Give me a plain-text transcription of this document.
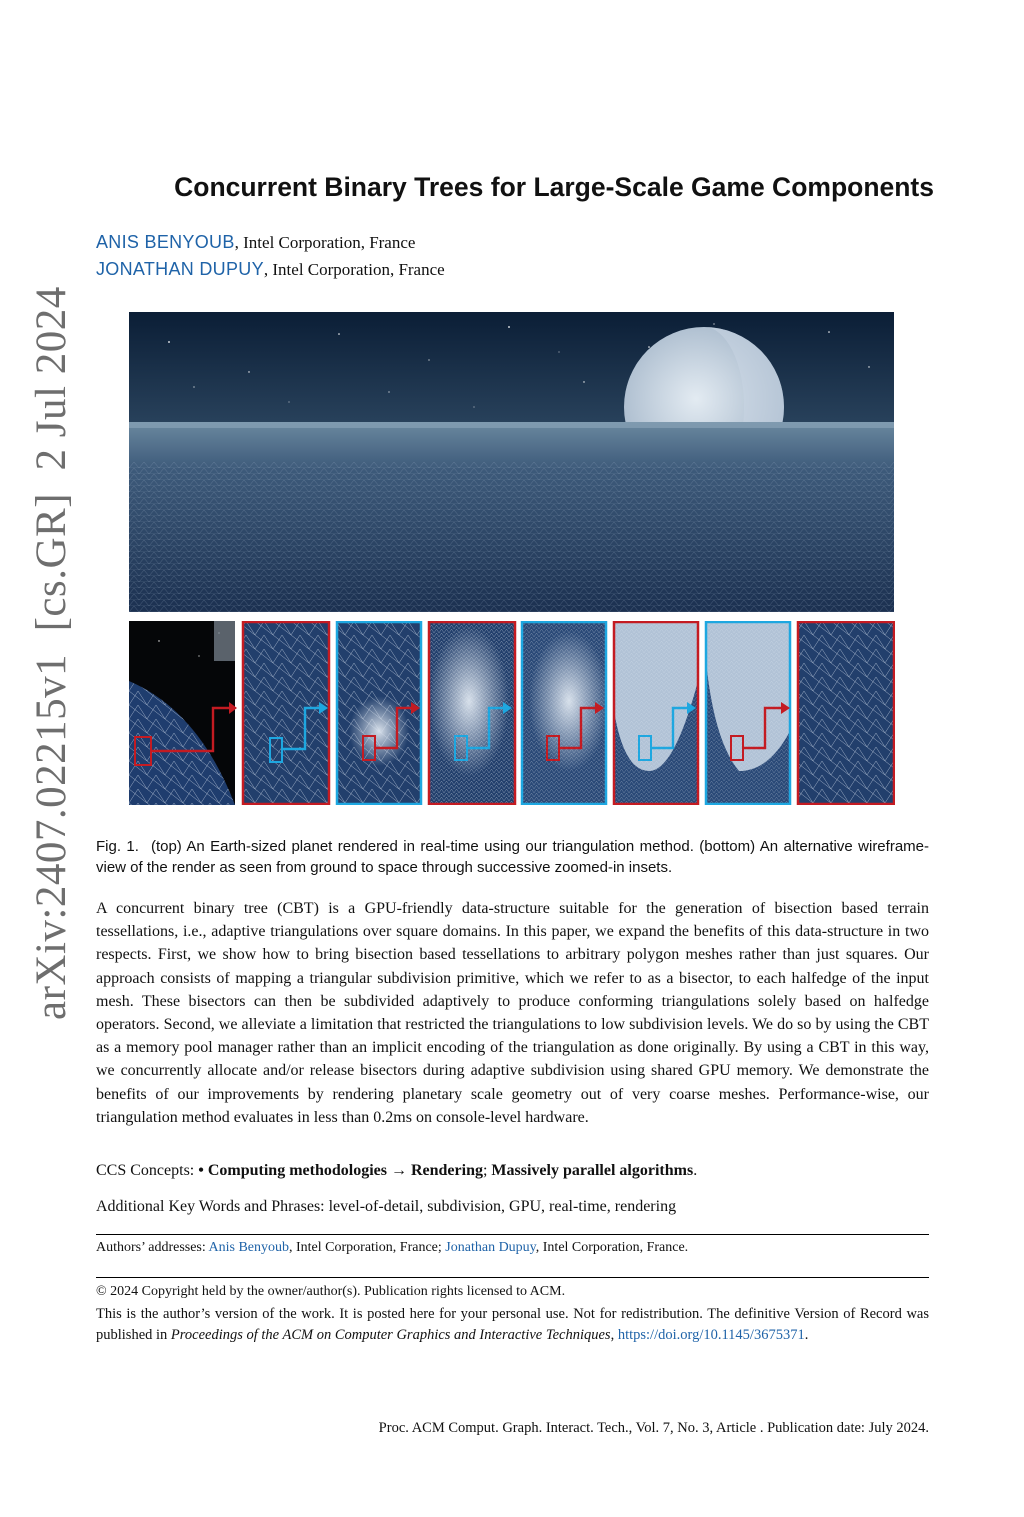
arXiv:2407.02215v1  [cs.GR]  2 Jul 2024
Concurrent Binary Trees for Large-Scale Game Components
ANIS BENYOUB, Intel Corporation, France
JONATHAN DUPUY, Intel Corporation, France
Fig. 1. (top) An Earth-sized planet rendered in real-time using our triangulation method. (bottom) An alternative wireframe-view of the render as seen from ground to space through successive zoomed-in insets.
A concurrent binary tree (CBT) is a GPU-friendly data-structure suitable for the generation of bisection based terrain tessellations, i.e., adaptive triangulations over square domains. In this paper, we expand the benefits of this data-structure in two respects. First, we show how to bring bisection based tessellations to arbitrary polygon meshes rather than just squares. Our approach consists of mapping a triangular subdivision primitive, which we refer to as a bisector, to each halfedge of the input mesh. These bisectors can then be subdivided adaptively to produce conforming triangulations solely based on halfedge operators. Second, we alleviate a limitation that restricted the triangulations to low subdivision levels. We do so by using the CBT as a memory pool manager rather than an implicit encoding of the triangulation as done originally. By using a CBT in this way, we concurrently allocate and/or release bisectors during adaptive subdivision using shared GPU memory. We demonstrate the benefits of our improvements by rendering planetary scale geometry out of very coarse meshes. Performance-wise, our triangulation method evaluates in less than 0.2ms on console-level hardware.
CCS Concepts: • Computing methodologies → Rendering; Massively parallel algorithms.
Additional Key Words and Phrases: level-of-detail, subdivision, GPU, real-time, rendering
Authors’ addresses: Anis Benyoub, Intel Corporation, France; Jonathan Dupuy, Intel Corporation, France.
© 2024 Copyright held by the owner/author(s). Publication rights licensed to ACM.
This is the author’s version of the work. It is posted here for your personal use. Not for redistribution. The definitive Version of Record was published in Proceedings of the ACM on Computer Graphics and Interactive Techniques, https://doi.org/10.1145/3675371.
Proc. ACM Comput. Graph. Interact. Tech., Vol. 7, No. 3, Article . Publication date: July 2024.
